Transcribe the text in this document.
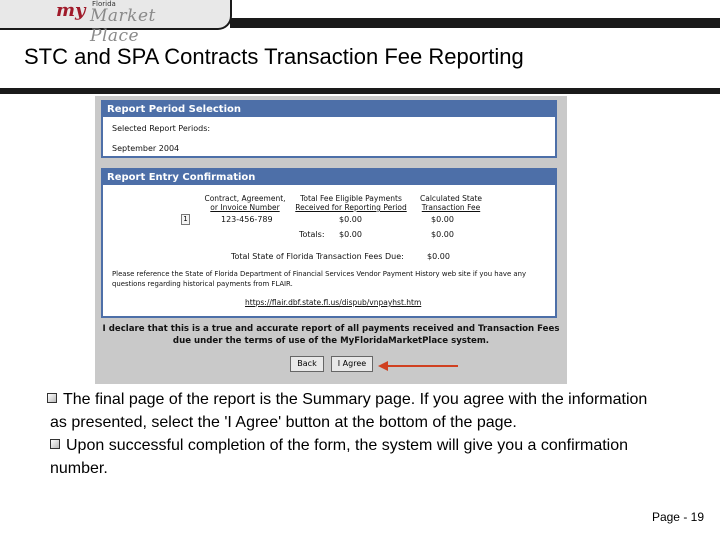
my Florida
Market Place
STC and SPA Contracts Transaction Fee Reporting
Report Period Selection
Selected Report Periods:
September 2004
Report Entry Confirmation
Contract, Agreement,
or Invoice Number
Total Fee Eligible Payments
Received for Reporting Period
Calculated State
Transaction Fee
1	123-456-789	$0.00	$0.00
Totals: $0.00	$0.00
Total State of Florida Transaction Fees Due:	$0.00
Please reference the State of Florida Department of Financial Services Vendor Payment History web site if you have any
questions regarding historical payments from FLAIR.
https://flair.dbf.state.fl.us/dispub/vnpayhst.htm
I declare that this is a true and accurate report of all payments received and Transaction Fees
due under the terms of use of the MyFloridaMarketPlace system.
Back	I Agree

The final page of the report is the Summary page. If you agree with the information as presented, select the 'I Agree' button at the bottom of the page.

Upon successful completion of the form, the system will give you a confirmation number.

Page - 19
